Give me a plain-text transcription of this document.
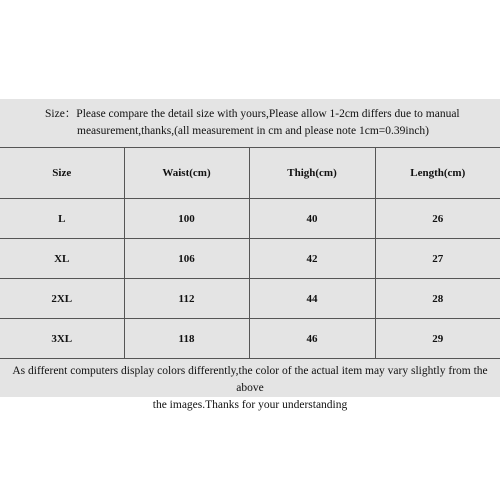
Size：Please compare the detail size with yours,Please allow 1-2cm differs due to manual
measurement,thanks,(all measurement in cm and please note 1cm=0.39inch)
Size	Waist(cm)	Thigh(cm)	Length(cm)
L	100	40	26
XL	106	42	27
2XL	112	44	28
3XL	118	46	29
As different computers display colors differently,the color of the actual item may vary slightly from the above
the images.Thanks for your understanding
